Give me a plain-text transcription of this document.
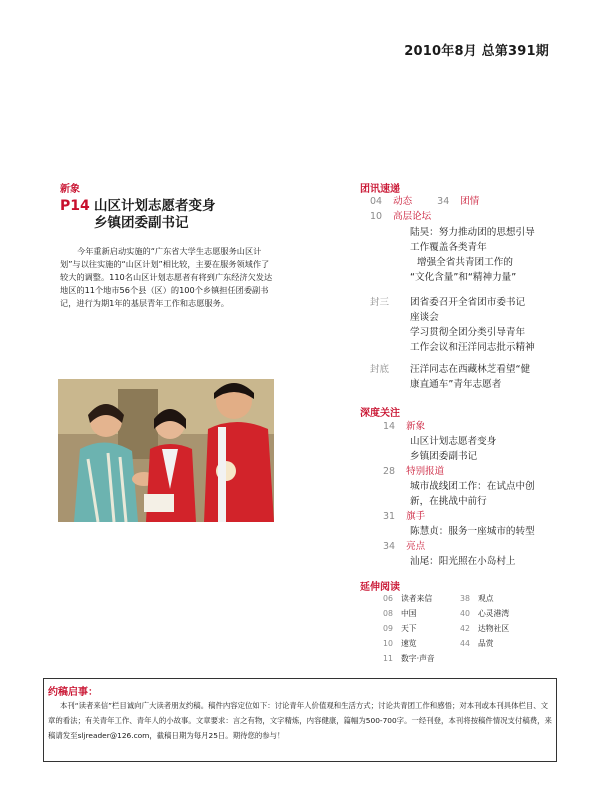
2010年8月 总第391期
新象
P14 山区计划志愿者变身
乡镇团委副书记
今年重新启动实施的“广东省大学生志愿服务山区计划”与以往实施的“山区计划”相比较，主要在服务领域作了较大的调整。110名山区计划志愿者有将到广东经济欠发达地区的11个地市56个县（区）的100个乡镇担任团委副书记，进行为期1年的基层青年工作和志愿服务。
团讯速递
04 动态	34 团情
10 高层论坛
陆昊：努力推动团的思想引导
工作覆盖各类青年
增强全省共青团工作的
“文化含量”和“精神力量”
封三 团省委召开全省团市委书记
座谈会
学习贯彻全团分类引导青年
工作会议和汪洋同志批示精神
封底 汪洋同志在西藏林芝看望“健
康直通车”青年志愿者
深度关注
14 新象
山区计划志愿者变身
乡镇团委副书记
28 特别报道
城市战线团工作：在试点中创
新，在挑战中前行
31 旗手
陈慧贞：服务一座城市的转型
34 亮点
汕尾：阳光照在小岛村上
延伸阅读
06 读者来信	38 观点
08 中国	40 心灵港湾
09 天下	42 达物社区
10 速览	44 品赏
11 数字·声音
约稿启事：
本刊“读者来信”栏目诚向广大读者朋友约稿。稿件内容定位如下：讨论青年人价值观和生活方式；讨论共青团工作和感悟；对本刊或本刊具体栏目、文章的看法；有关青年工作、青年人的小故事。文章要求：言之有物，文字精炼，内容健康，篇幅为500-700字。一经刊登，本刊将按稿件情况支付稿费，来稿请发至sljreader@126.com，截稿日期为每月25日。期待您的参与！
